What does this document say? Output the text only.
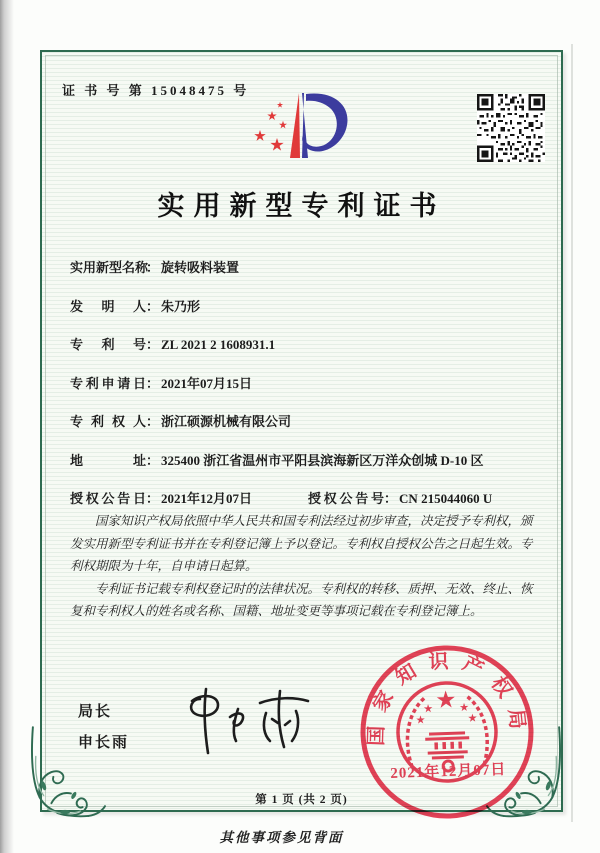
证 书 号 第 15048475 号
实用新型专利证书
实用新型名称： 旋转吸料装置
发明人： 朱乃形
专利号： ZL 2021 2 1608931.1
专利申请日： 2021年07月15日
专利权人： 浙江硕源机械有限公司
地址： 325400 浙江省温州市平阳县滨海新区万洋众创城 D-10 区
授权公告日： 2021年12月07日	授权公告号： CN 215044060 U

国家知识产权局依照中华人民共和国专利法经过初步审查，决定授予专利权，颁发实用新型专利证书并在专利登记簿上予以登记。专利权自授权公告之日起生效。专利权期限为十年，自申请日起算。

专利证书记载专利权登记时的法律状况。专利权的转移、质押、无效、终止、恢复和专利权人的姓名或名称、国籍、地址变更等事项记载在专利登记簿上。

局长
申长雨	国家知识产权局
2021年12月07日
第 1 页 (共 2 页)
其他事项参见背面
